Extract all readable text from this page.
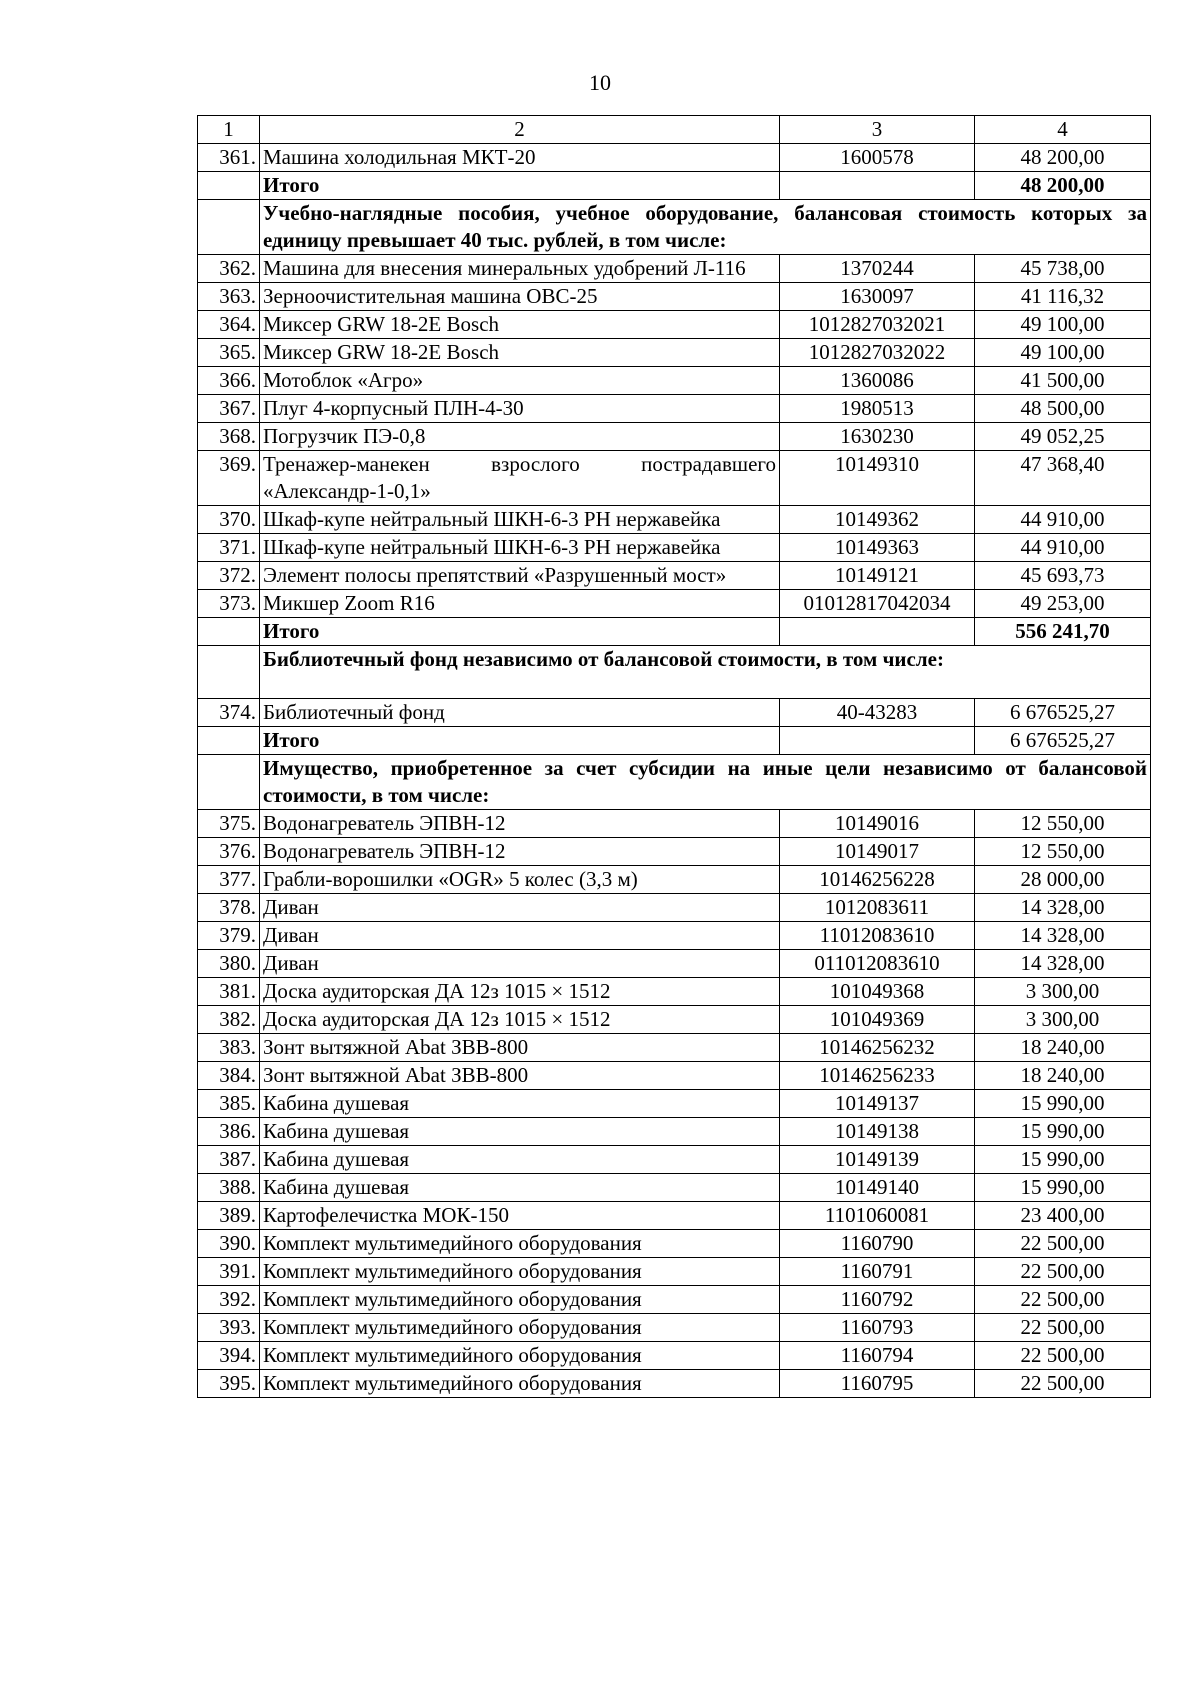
10
1	2	3	4
361.	Машина холодильная МКТ-20	1600578	48 200,00
	Итого		48 200,00
	Учебно-наглядные пособия, учебное оборудование, балансовая стоимость которых за единицу превышает 40 тыс. рублей, в том числе:		
362.	Машина для внесения минеральных удобрений Л-116	1370244	45 738,00
363.	Зерноочистительная машина ОВС-25	1630097	41 116,32
364.	Миксер GRW 18-2E Bosch	1012827032021	49 100,00
365.	Миксер GRW 18-2E Bosch	1012827032022	49 100,00
366.	Мотоблок «Агро»	1360086	41 500,00
367.	Плуг 4-корпусный ПЛН-4-30	1980513	48 500,00
368.	Погрузчик ПЭ-0,8	1630230	49 052,25
369.	Тренажер-манекен взрослого пострадавшего «Александр-1-0,1»	10149310	47 368,40
370.	Шкаф-купе нейтральный ШКН-6-3 РН нержавейка	10149362	44 910,00
371.	Шкаф-купе нейтральный ШКН-6-3 РН нержавейка	10149363	44 910,00
372.	Элемент полосы препятствий «Разрушенный мост»	10149121	45 693,73
373.	Микшер Zoom R16	01012817042034	49 253,00
	Итого		556 241,70
	Библиотечный фонд независимо от балансовой стоимости, в том числе:		
374.	Библиотечный фонд	40-43283	6 676525,27
	Итого		6 676525,27
	Имущество, приобретенное за счет субсидии на иные цели независимо от балансовой стоимости, в том числе:		
375.	Водонагреватель ЭПВН-12	10149016	12 550,00
376.	Водонагреватель ЭПВН-12	10149017	12 550,00
377.	Грабли-ворошилки «OGR» 5 колес (3,3 м)	10146256228	28 000,00
378.	Диван	1012083611	14 328,00
379.	Диван	11012083610	14 328,00
380.	Диван	011012083610	14 328,00
381.	Доска аудиторская ДА 12з 1015 × 1512	101049368	3 300,00
382.	Доска аудиторская ДА 12з 1015 × 1512	101049369	3 300,00
383.	Зонт вытяжной Abat ЗВВ-800	10146256232	18 240,00
384.	Зонт вытяжной Abat ЗВВ-800	10146256233	18 240,00
385.	Кабина душевая	10149137	15 990,00
386.	Кабина душевая	10149138	15 990,00
387.	Кабина душевая	10149139	15 990,00
388.	Кабина душевая	10149140	15 990,00
389.	Картофелечистка МОК-150	1101060081	23 400,00
390.	Комплект мультимедийного оборудования	1160790	22 500,00
391.	Комплект мультимедийного оборудования	1160791	22 500,00
392.	Комплект мультимедийного оборудования	1160792	22 500,00
393.	Комплект мультимедийного оборудования	1160793	22 500,00
394.	Комплект мультимедийного оборудования	1160794	22 500,00
395.	Комплект мультимедийного оборудования	1160795	22 500,00
